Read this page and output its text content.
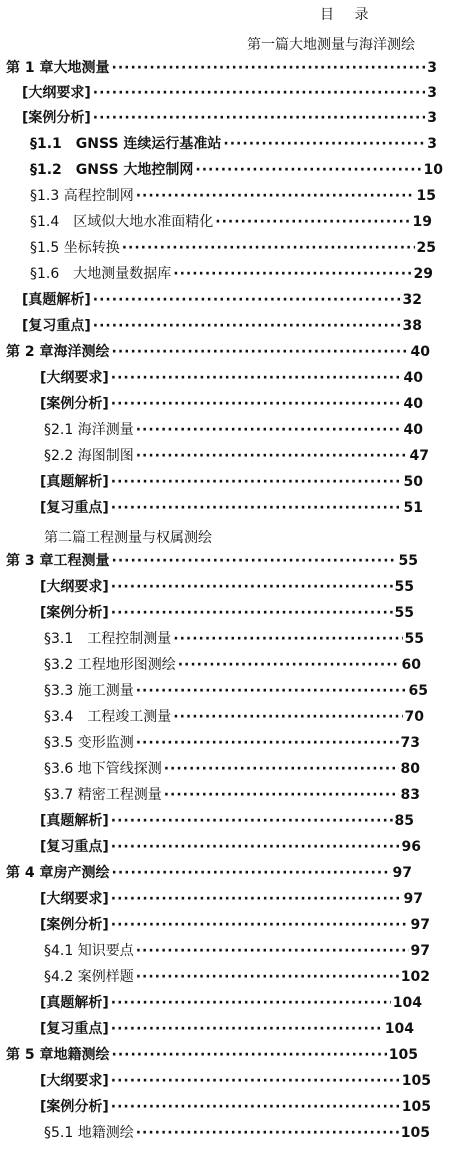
目 录
第一篇大地测量与海洋测绘
第二篇工程测量与权属测绘
第 1 章大地测量 ·····	3
[大纲要求] ·····	3
[案例分析] ·····	3
§1.1　GNSS 连续运行基准站 ·····	3
§1.2　GNSS 大地控制网 ·····	10
§1.3 高程控制网 ·····	15
§1.4　区域似大地水准面精化 ·····	19
§1.5 坐标转换 ·····	25
§1.6　大地测量数据库 ·····	29
[真题解析] ·····	32
[复习重点] ·····	38
第 2 章海洋测绘 ·····	40
[大纲要求] ·····	40
[案例分析] ·····	40
§2.1 海洋测量 ·····	40
§2.2 海图制图 ·····	47
[真题解析] ·····	50
[复习重点] ·····	51
第 3 章工程测量 ·····	55
[大纲要求] ·····	55
[案例分析] ·····	55
§3.1　工程控制测量 ·····	55
§3.2 工程地形图测绘 ·····	60
§3.3 施工测量 ·····	65
§3.4　工程竣工测量 ·····	70
§3.5 变形监测 ·····	73
§3.6 地下管线探测 ·····	80
§3.7 精密工程测量 ·····	83
[真题解析] ·····	85
[复习重点] ·····	96
第 4 章房产测绘 ·····	97
[大纲要求] ·····	97
[案例分析] ·····	97
§4.1 知识要点 ·····	97
§4.2 案例样题 ·····	102
[真题解析] ·····	104
[复习重点] ·····	104
第 5 章地籍测绘 ·····	105
[大纲要求] ·····	105
[案例分析] ·····	105
§5.1 地籍测绘 ·····	105
